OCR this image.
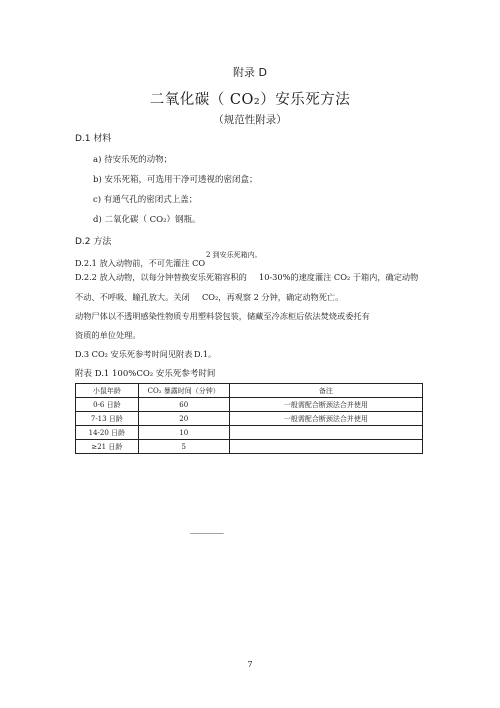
附录 D
二氧化碳（ CO₂）安乐死方法
（规范性附录）
D.1 材料
a) 待安乐死的动物；
b) 安乐死箱，可选用干净可透视的密闭盒；
c) 有通气孔的密闭式上盖；
d) 二氧化碳（ CO₂）钢瓶。
D.2 方法
2 到安乐死箱内。
D.2.1 放入动物前，不可先灌注 CO
D.2.2 放入动物，以每分钟替换安乐死箱容积的 10-30%的速度灌注 CO₂ 于箱内，确定动物
不动、不呼吸、瞳孔放大。关闭 CO₂，再观察 2 分钟，确定动物死亡。
动物尸体以不透明感染性物质专用塑料袋包装，储藏至冷冻柜后依法焚烧或委托有
资质的单位处理。
D.3 CO₂ 安乐死参考时间见附表 D.1。
附表 D.1 100%CO₂ 安乐死参考时间
小鼠年龄	CO₂ 暴露时间（分钟）	备注
0-6 日龄	60	一般需配合断颈法合并使用
7-13 日龄	20	一般需配合断颈法合并使用
14-20 日龄	10	
≥21 日龄	5	
--------------------------------
7
